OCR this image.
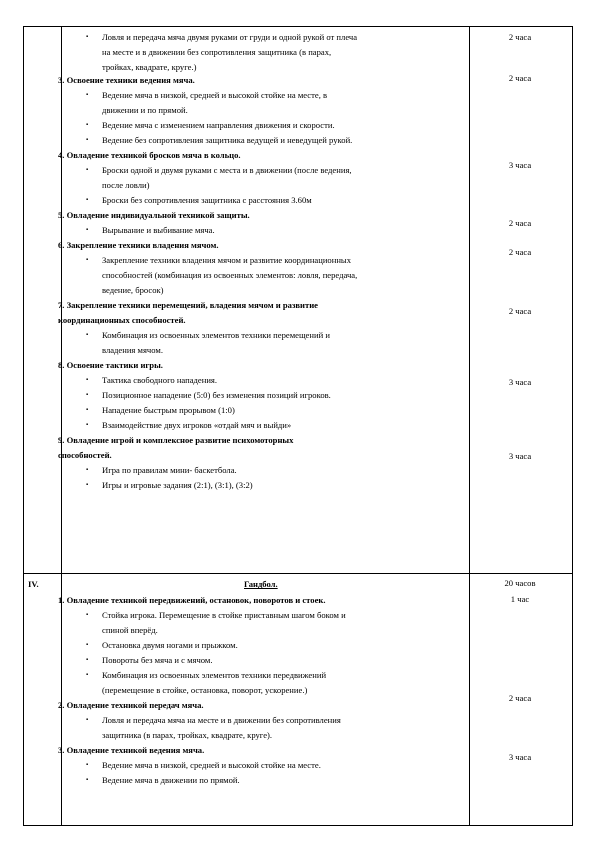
▪ Ловля и передача мяча двумя руками от груди и одной рукой от плеча
на месте и в движении без сопротивления защитника (в парах,
тройках, квадрате, круге.)
3. Освоение техники ведения мяча.
▪ Ведение мяча в низкой, средней и высокой стойке на месте, в
движении и по прямой.
▪ Ведение мяча с изменением направления движения и скорости.
▪ Ведение без сопротивления защитника ведущей и неведущей рукой.
4. Овладение техникой бросков мяча в кольцо.
▪ Броски одной и двумя руками с места и в движении (после ведения,
после ловли)
▪ Броски без сопротивления защитника с расстояния 3.60м
5. Овладение индивидуальной техникой защиты.
▪ Вырывание и выбивание мяча.
6. Закрепление техники владения мячом.
▪ Закрепление техники владения мячом и развитие координационных
способностей (комбинация из освоенных элементов: ловля, передача,
ведение, бросок)
7. Закрепление техники перемещений, владения мячом и развитие
координационных способностей.
▪ Комбинация из освоенных элементов техники перемещений и
владения мячом.
8. Освоение тактики игры.
▪ Тактика свободного нападения.
▪ Позиционное нападение (5:0) без изменения позиций игроков.
▪ Нападение быстрым прорывом (1:0)
▪ Взаимодействие двух игроков «отдай мяч и выйди»
9. Овладение игрой и комплексное развитие психомоторных
способностей.
▪ Игра по правилам мини- баскетбола.
▪ Игры и игровые задания (2:1), (3:1), (3:2)
2 часа
2 часа
3 часа
2 часа
2 часа
2 часа
3 часа
3 часа
IV.	Гандбол.
1. Овладение техникой передвижений, остановок, поворотов и стоек.
▪ Стойка игрока. Перемещение в стойке приставным шагом боком и
спиной вперёд.
▪ Остановка двумя ногами и прыжком.
▪ Повороты без мяча и с мячом.
▪ Комбинация из освоенных элементов техники передвижений
(перемещение в стойке, остановка, поворот, ускорение.)
2. Овладение техникой передач мяча.
▪ Ловля и передача мяча на месте и в движении без сопротивления
защитника (в парах, тройках, квадрате, круге).
3. Овладение техникой ведения мяча.
▪ Ведение мяча в низкой, средней и высокой стойке на месте.
▪ Ведение мяча в движении по прямой.
20 часов
1 час
2 часа
3 часа
